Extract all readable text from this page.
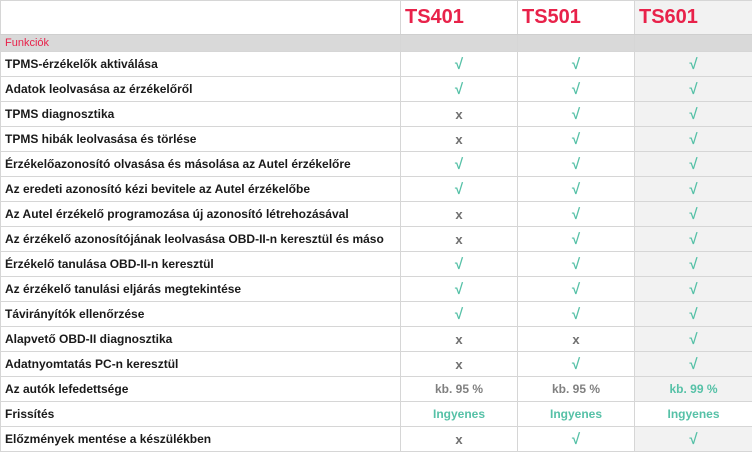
	TS401	TS501	TS601
Funkciók			
TPMS-érzékelők aktiválása	√	√	√
Adatok leolvasása az érzékelőről	√	√	√
TPMS diagnosztika	x	√	√
TPMS hibák leolvasása és törlése	x	√	√
Érzékelőazonosító olvasása és másolása az Autel érzékelőre	√	√	√
Az eredeti azonosító kézi bevitele az Autel érzékelőbe	√	√	√
Az Autel érzékelő programozása új azonosító létrehozásával	x	√	√
Az érzékelő azonosítójának leolvasása OBD-II-n keresztül és máso	x	√	√
Érzékelő tanulása OBD-II-n keresztül	√	√	√
Az érzékelő tanulási eljárás megtekintése	√	√	√
Távirányítók ellenőrzése	√	√	√
Alapvető OBD-II diagnosztika	x	x	√
Adatnyomtatás PC-n keresztül	x	√	√
Az autók lefedettsége	kb. 95 %	kb. 95 %	kb. 99 %
Frissítés	Ingyenes	Ingyenes	Ingyenes
Előzmények mentése a készülékben	x	√	√
